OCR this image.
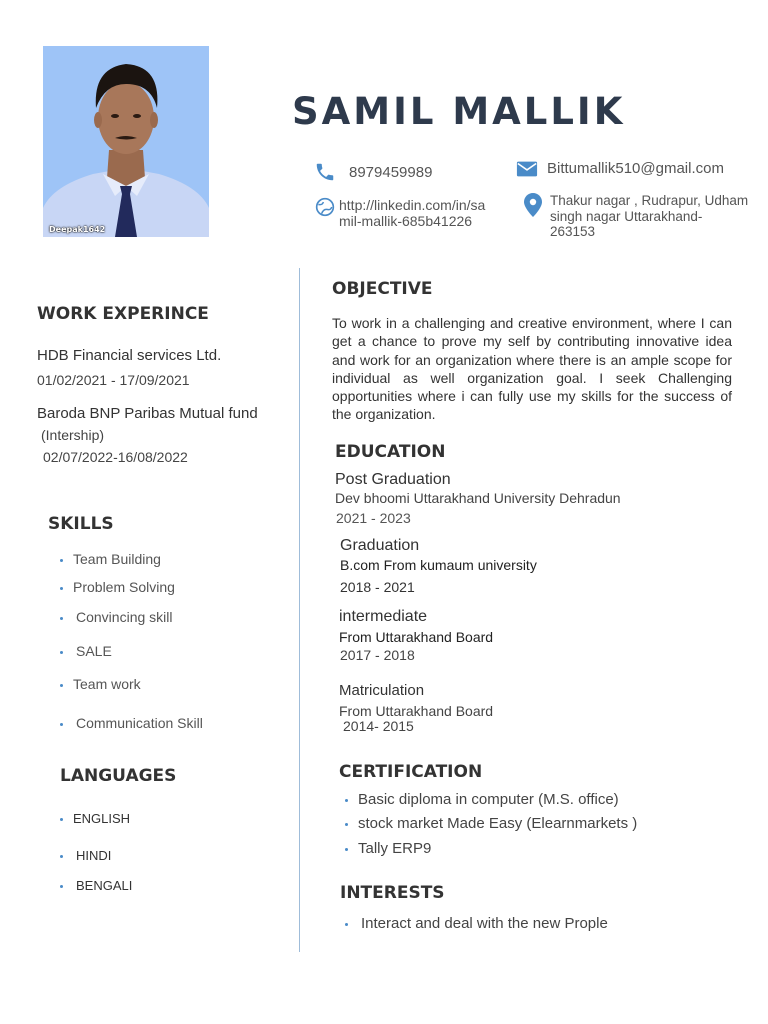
Deepak1642
SAMIL MALLIK
8979459989	Bittumallik510@gmail.com
http://linkedin.com/in/sa
mil-mallik-685b41226
Thakur nagar , Rudrapur, Udham
singh nagar Uttarakhand-
263153
WORK EXPERINCE
HDB Financial services Ltd.
01/02/2021 - 17/09/2021
Baroda BNP Paribas Mutual fund
(Intership)
02/07/2022-16/08/2022
SKILLS
Team Building
Problem Solving
Convincing skill
SALE
Team work
Communication Skill
LANGUAGES
ENGLISH
HINDI
BENGALI
OBJECTIVE
To work in a challenging and creative environment, where I can get a chance to prove my self by contributing innovative idea and work for an organization where there is an ample scope for individual as well organization goal. I seek Challenging opportunities where i can fully use my skills for the success of the organization.
EDUCATION
Post Graduation
Dev bhoomi Uttarakhand University Dehradun
2021 - 2023
Graduation
B.com From kumaum university
2018 - 2021
intermediate
From Uttarakhand Board
2017 - 2018
Matriculation
From Uttarakhand Board
2014- 2015
CERTIFICATION
Basic diploma in computer (M.S. office)
stock market Made Easy (Elearnmarkets )
Tally ERP9
INTERESTS
Interact and deal with the new Prople
